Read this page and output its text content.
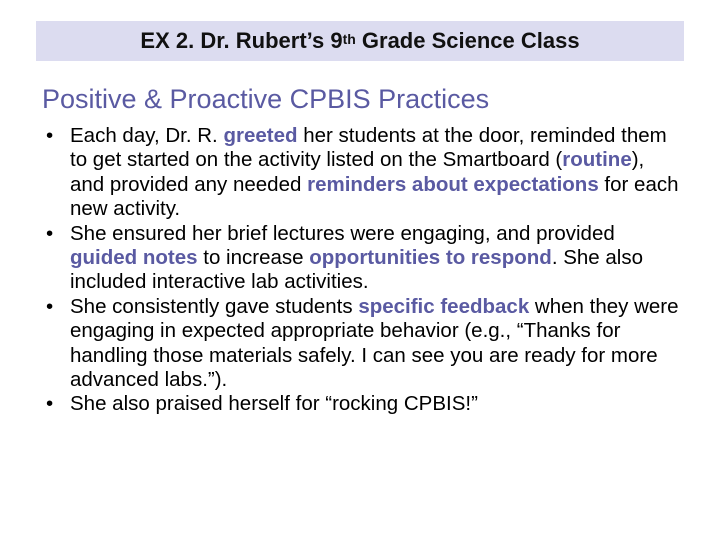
EX 2. Dr. Rubert’s 9th Grade Science Class
Positive & Proactive CPBIS Practices
• Each day, Dr. R. greeted her students at the door, reminded them to get started on the activity listed on the Smartboard (routine), and provided any needed reminders about expectations for each new activity.
• She ensured her brief lectures were engaging, and provided guided notes to increase opportunities to respond. She also included interactive lab activities.
• She consistently gave students specific feedback when they were engaging in expected appropriate behavior (e.g., “Thanks for handling those materials safely. I can see you are ready for more advanced labs.”).
• She also praised herself for “rocking CPBIS!”
